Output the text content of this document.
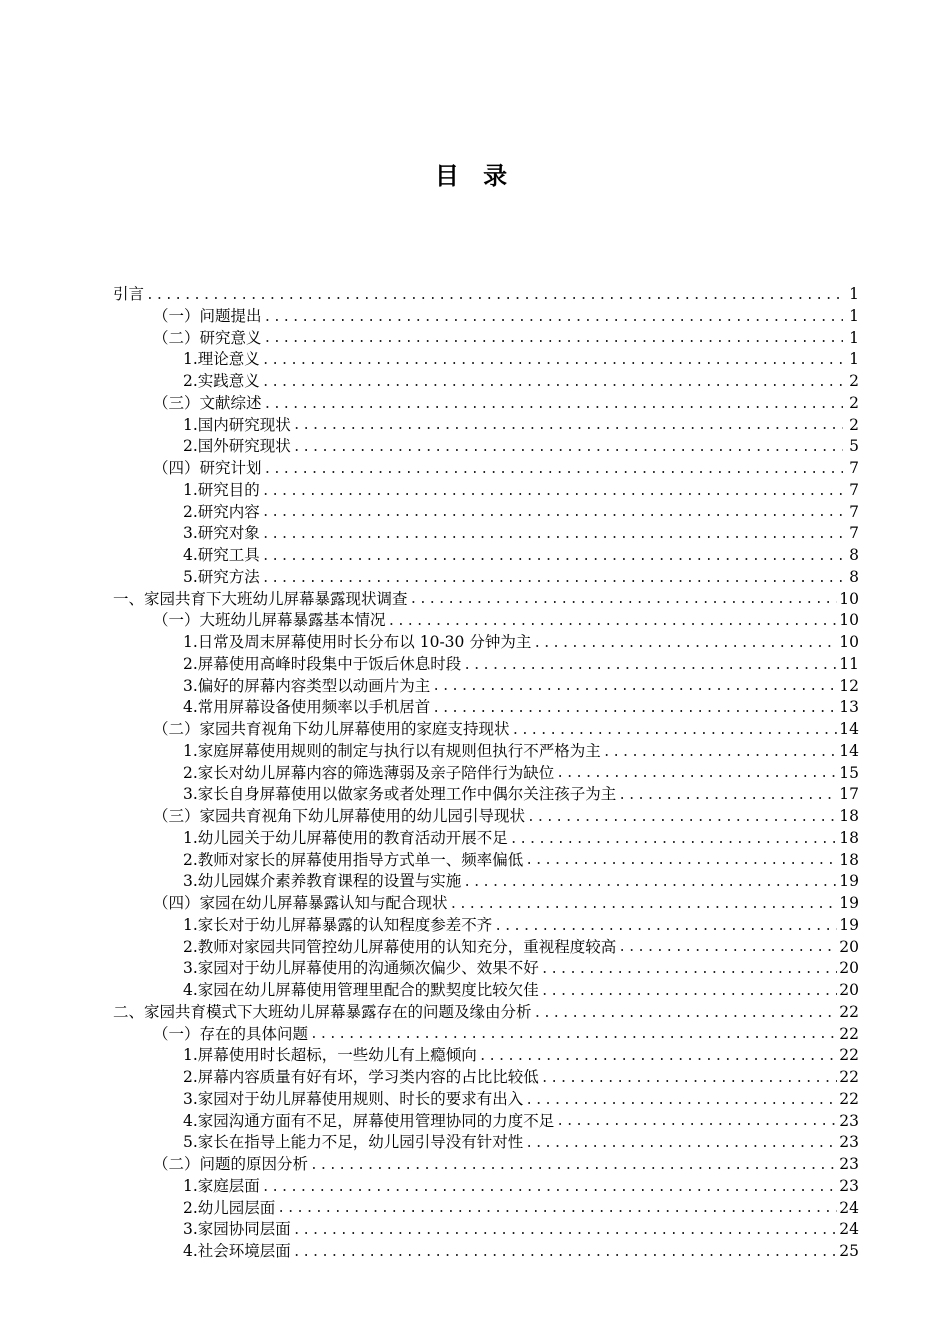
目 录
引言 .....	1
（一）问题提出 .....	1
（二）研究意义 .....	1
1.理论意义 .....	1
2.实践意义 .....	2
（三）文献综述 .....	2
1.国内研究现状 .....	2
2.国外研究现状 .....	5
（四）研究计划 .....	7
1.研究目的 .....	7
2.研究内容 .....	7
3.研究对象 .....	7
4.研究工具 .....	8
5.研究方法 .....	8
一、家园共育下大班幼儿屏幕暴露现状调查 .....	10
（一）大班幼儿屏幕暴露基本情况 .....	10
1.日常及周末屏幕使用时长分布以 10-30 分钟为主 .....	10
2.屏幕使用高峰时段集中于饭后休息时段 .....	11
3.偏好的屏幕内容类型以动画片为主 .....	12
4.常用屏幕设备使用频率以手机居首 .....	13
（二）家园共育视角下幼儿屏幕使用的家庭支持现状 .....	14
1.家庭屏幕使用规则的制定与执行以有规则但执行不严格为主 .....	14
2.家长对幼儿屏幕内容的筛选薄弱及亲子陪伴行为缺位 .....	15
3.家长自身屏幕使用以做家务或者处理工作中偶尔关注孩子为主 .....	17
（三）家园共育视角下幼儿屏幕使用的幼儿园引导现状 .....	18
1.幼儿园关于幼儿屏幕使用的教育活动开展不足 .....	18
2.教师对家长的屏幕使用指导方式单一、频率偏低 .....	18
3.幼儿园媒介素养教育课程的设置与实施 .....	19
（四）家园在幼儿屏幕暴露认知与配合现状 .....	19
1.家长对于幼儿屏幕暴露的认知程度参差不齐 .....	19
2.教师对家园共同管控幼儿屏幕使用的认知充分，重视程度较高 .....	20
3.家园对于幼儿屏幕使用的沟通频次偏少、效果不好 .....	20
4.家园在幼儿屏幕使用管理里配合的默契度比较欠佳 .....	20
二、家园共育模式下大班幼儿屏幕暴露存在的问题及缘由分析 .....	22
（一）存在的具体问题 .....	22
1.屏幕使用时长超标，一些幼儿有上瘾倾向 .....	22
2.屏幕内容质量有好有坏，学习类内容的占比比较低 .....	22
3.家园对于幼儿屏幕使用规则、时长的要求有出入 .....	22
4.家园沟通方面有不足，屏幕使用管理协同的力度不足 .....	23
5.家长在指导上能力不足，幼儿园引导没有针对性 .....	23
（二）问题的原因分析 .....	23
1.家庭层面 .....	23
2.幼儿园层面 .....	24
3.家园协同层面 .....	24
4.社会环境层面 .....	25
